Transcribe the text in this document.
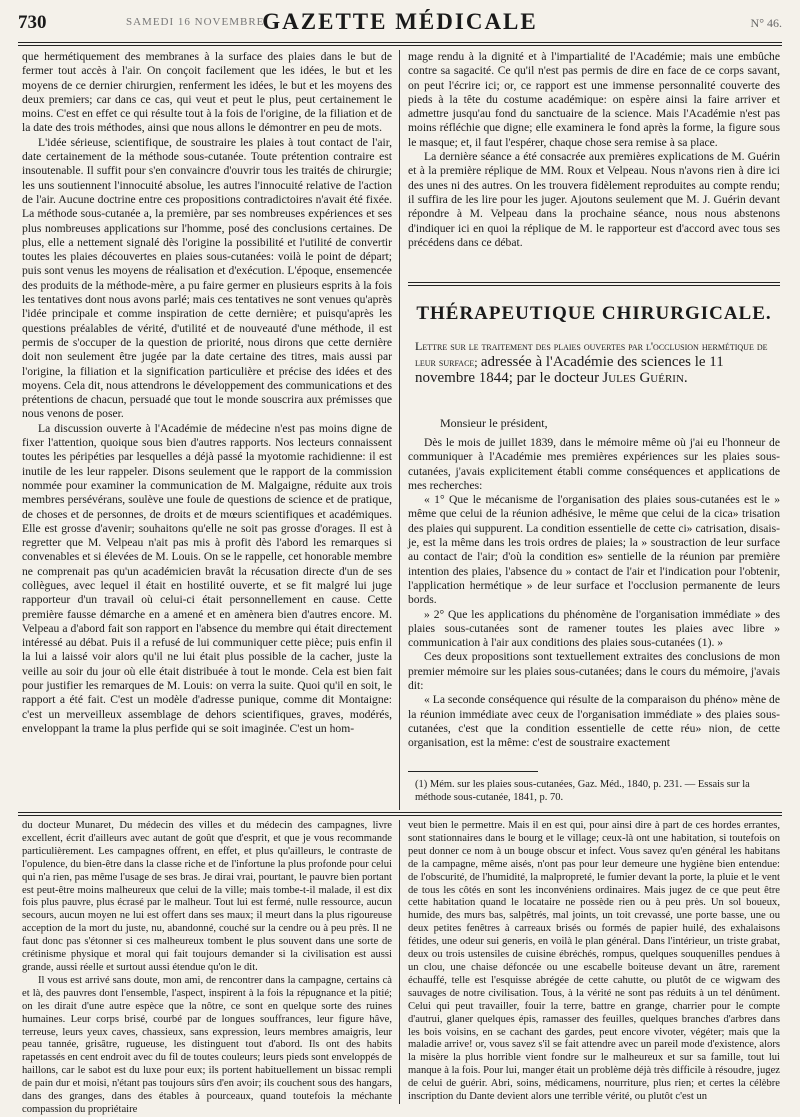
730	SAMEDI 16 NOVEMBRE
GAZETTE MÉDICALE	N° 46.

que hermétiquement des membranes à la surface des plaies dans le but de fermer tout accès à l'air. On conçoit facilement que les idées, le but et les moyens de ce dernier chirurgien, renferment les idées, le but et les moyens des deux premiers; car dans ce cas, qui veut et peut le plus, peut certainement le moins. C'est en effet ce qui résulte tout à la fois de l'origine, de la filiation et de la date des trois méthodes, ainsi que nous allons le démontrer en peu de mots.

L'idée sérieuse, scientifique, de soustraire les plaies à tout contact de l'air, date certainement de la méthode sous-cutanée. Toute prétention contraire est insoutenable. Il suffit pour s'en convaincre d'ouvrir tous les traités de chirurgie; les uns soutiennent l'innocuité absolue, les autres l'innocuité relative de l'action de l'air. Aucune doctrine entre ces propositions contradictoires n'avait été fixée. La méthode sous-cutanée a, la première, par ses nombreuses expériences et ses plus nombreuses applications sur l'homme, posé des conclusions certaines. De plus, elle a nettement signalé dès l'origine la possibilité et l'utilité de convertir toutes les plaies découvertes en plaies sous-cutanées: voilà le point de départ; puis sont venus les moyens de réalisation et d'exécution. L'époque, ensemencée des produits de la méthode-mère, a pu faire germer en plusieurs esprits à la fois les tentatives dont nous avons parlé; mais ces tentatives ne sont venues qu'après l'idée principale et comme inspiration de cette dernière; et puisqu'après les questions préalables de vérité, d'utilité et de nouveauté d'une méthode, il est permis de s'occuper de la question de priorité, nous dirons que cette dernière doit non seulement être jugée par la date certaine des titres, mais aussi par l'origine, la filiation et la signification particulière et précise des idées et des moyens. Cela dit, nous attendrons le développement des communications et des prétentions de chacun, persuadé que tout le monde souscrira aux prémisses que nous venons de poser.

La discussion ouverte à l'Académie de médecine n'est pas moins digne de fixer l'attention, quoique sous bien d'autres rapports. Nos lecteurs connaissent toutes les péripéties par lesquelles a déjà passé la myotomie rachidienne: il est inutile de les leur rappeler. Disons seulement que le rapport de la commission nommée pour examiner la communication de M. Malgaigne, réduite aux trois membres persévérans, soulève une foule de questions de science et de pratique, de choses et de personnes, de droits et de mœurs scientifiques et académiques. Elle est grosse d'avenir; souhaitons qu'elle ne soit pas grosse d'orages. Il est à regretter que M. Velpeau n'ait pas mis à profit dès l'abord les remarques si convenables et si élevées de M. Louis. On se le rappelle, cet honorable membre ne comprenait pas qu'un académicien bravât la récusation directe d'un de ses collègues, avec lequel il était en hostilité ouverte, et se fit malgré lui juge rapporteur d'un travail où celui-ci était personnellement en cause. Cette première fausse démarche en a amené et en amènera bien d'autres encore. M. Velpeau a d'abord fait son rapport en l'absence du membre qui était directement intéressé au débat. Puis il a refusé de lui communiquer cette pièce; puis enfin il la lui a laissé voir alors qu'il ne lui était plus possible de la cacher, juste la veille au soir du jour où elle était distribuée à tout le monde. Cela est bien fait pour justifier les remarques de M. Louis: on verra la suite. Quoi qu'il en soit, le rapport a été fait. C'est un modèle d'adresse punique, comme dit Montaigne: c'est un merveilleux assemblage de dehors scientifiques, graves, modérés, enveloppant la trame la plus perfide qui se soit imaginée. C'est un hom-

mage rendu à la dignité et à l'impartialité de l'Académie; mais une embûche contre sa sagacité. Ce qu'il n'est pas permis de dire en face de ce corps savant, on peut l'écrire ici; or, ce rapport est une immense personnalité couverte des pieds à la tête du costume académique: on espère ainsi la faire arriver et admettre jusqu'au fond du sanctuaire de la science. Mais l'Académie n'est pas moins réfléchie que digne; elle examinera le fond après la forme, la figure sous le masque; et, il faut l'espérer, chaque chose sera remise à sa place.

La dernière séance a été consacrée aux premières explications de M. Guérin et à la première réplique de MM. Roux et Velpeau. Nous n'avons rien à dire ici des unes ni des autres. On les trouvera fidèlement reproduites au compte rendu; il suffira de les lire pour les juger. Ajoutons seulement que M. J. Guérin devant répondre à M. Velpeau dans la prochaine séance, nous nous abstenons d'indiquer ici en quoi la réplique de M. le rapporteur est d'accord avec tous ses précédens dans ce débat.

THÉRAPEUTIQUE CHIRURGICALE.
Lettre sur le traitement des plaies ouvertes par l'occlusion hermétique de leur surface; adressée à l'Académie des sciences le 11 novembre 1844; par le docteur Jules Guérin.
Monsieur le président,

Dès le mois de juillet 1839, dans le mémoire même où j'ai eu l'honneur de communiquer à l'Académie mes premières expériences sur les plaies sous-cutanées, j'avais explicitement établi comme conséquences et applications de mes recherches:

« 1° Que le mécanisme de l'organisation des plaies sous-cutanées est le » même que celui de la réunion adhésive, le même que celui de la cica» trisation des plaies qui suppurent. La condition essentielle de cette ci» catrisation, disais-je, est la même dans les trois ordres de plaies; la » soustraction de leur surface au contact de l'air; d'où la condition es» sentielle de la réunion par première intention des plaies, l'absence du » contact de l'air et l'indication pour l'obtenir, l'application hermétique » de leur surface et l'occlusion permanente de leurs bords.

» 2° Que les applications du phénomène de l'organisation immédiate » des plaies sous-cutanées sont de ramener toutes les plaies avec libre » communication à l'air aux conditions des plaies sous-cutanées (1). »

Ces deux propositions sont textuellement extraites des conclusions de mon premier mémoire sur les plaies sous-cutanées; dans le cours du mémoire, j'avais dit:

« La seconde conséquence qui résulte de la comparaison du phéno» mène de la réunion immédiate avec ceux de l'organisation immédiate » des plaies sous-cutanées, c'est que la condition essentielle de cette réu» nion, de cette organisation, est la même: c'est de soustraire exactement

(1) Mém. sur les plaies sous-cutanées, Gaz. Méd., 1840, p. 231. — Essais sur la méthode sous-cutanée, 1841, p. 70.

du docteur Munaret, Du médecin des villes et du médecin des campagnes, livre excellent, écrit d'ailleurs avec autant de goût que d'esprit, et que je vous recommande particulièrement. Les campagnes offrent, en effet, et plus qu'ailleurs, le contraste de l'opulence, du bien-être dans la classe riche et de l'infortune la plus profonde pour celui qui n'a rien, pas même l'usage de ses bras. Je dirai vrai, pourtant, le pauvre bien portant est peut-être moins malheureux que celui de la ville; mais tombe-t-il malade, il est dix fois plus pauvre, plus écrasé par le malheur. Tout lui est fermé, nulle ressource, aucun secours, aucun moyen ne lui est offert dans ses maux; il meurt dans la plus rigoureuse acception de la mort du juste, nu, abandonné, couché sur la cendre ou à peu près. Il ne faut donc pas s'étonner si ces malheureux tombent le plus souvent dans une sorte de crétinisme physique et moral qui fait toujours demander si la civilisation est aussi grande, aussi réelle et surtout aussi étendue qu'on le dit.

Il vous est arrivé sans doute, mon ami, de rencontrer dans la campagne, certains cà et là, des pauvres dont l'ensemble, l'aspect, inspirent à la fois la répugnance et la pitié; on les dirait d'une autre espèce que la nôtre, ce sont en quelque sorte des ruines humaines. Leur corps brisé, courbé par de longues souffrances, leur figure hâve, terreuse, leurs yeux caves, chassieux, sans expression, leurs membres amaigris, leur peau tannée, grisâtre, rugueuse, les distinguent tout d'abord. Ils ont des habits rapetassés en cent endroit avec du fil de toutes couleurs; leurs pieds sont enveloppés de haillons, car le sabot est du luxe pour eux; ils portent habituellement un bissac rempli de pain dur et moisi, n'étant pas toujours sûrs d'en avoir; ils couchent sous des hangars, dans des granges, dans des étables à pourceaux, quand toutefois la méchante compassion du propriétaire

veut bien le permettre. Mais il en est qui, pour ainsi dire à part de ces hordes errantes, sont stationnaires dans le bourg et le village; ceux-là ont une habitation, si toutefois on peut donner ce nom à un bouge obscur et infect. Vous savez qu'en général les habitans de la campagne, même aisés, n'ont pas pour leur demeure une hygiène bien entendue: de l'obscurité, de l'humidité, la malpropreté, le fumier devant la porte, la pluie et le vent de tous les côtés en sont les inconvéniens ordinaires. Mais jugez de ce que peut être cette habitation quand le locataire ne possède rien ou à peu près. Un sol boueux, humide, des murs bas, salpêtrés, mal joints, un toit crevassé, une porte basse, une ou deux petites fenêtres à carreaux brisés ou formés de papier huilé, des exhalaisons fétides, une odeur sui generis, en voilà le plan général. Dans l'intérieur, un triste grabat, deux ou trois ustensiles de cuisine ébréchés, rompus, quelques souquenilles pendues à un clou, une chaise défoncée ou une escabelle boiteuse devant un âtre, rarement échauffé, telle est l'esquisse abrégée de cette cahutte, ou plutôt de ce wigwam des sauvages de notre civilisation. Tous, à la vérité ne sont pas réduits à un tel dénûment. Celui qui peut travailler, fouir la terre, battre en grange, charrier pour le compte d'autrui, glaner quelques épis, ramasser des feuilles, quelques branches d'arbres dans les bois voisins, en se cachant des gardes, peut encore vivoter, végéter; mais que la maladie arrive! or, vous savez s'il se fait attendre avec un pareil mode d'existence, alors la misère la plus horrible vient fondre sur le malheureux et sur sa famille, tout lui manque à la fois. Pour lui, manger était un problème déjà très difficile à résoudre, jugez de celui de guérir. Abri, soins, médicamens, nourriture, plus rien; et certes la célèbre inscription du Dante devient alors une terrible vérité, ou plutôt c'est un
